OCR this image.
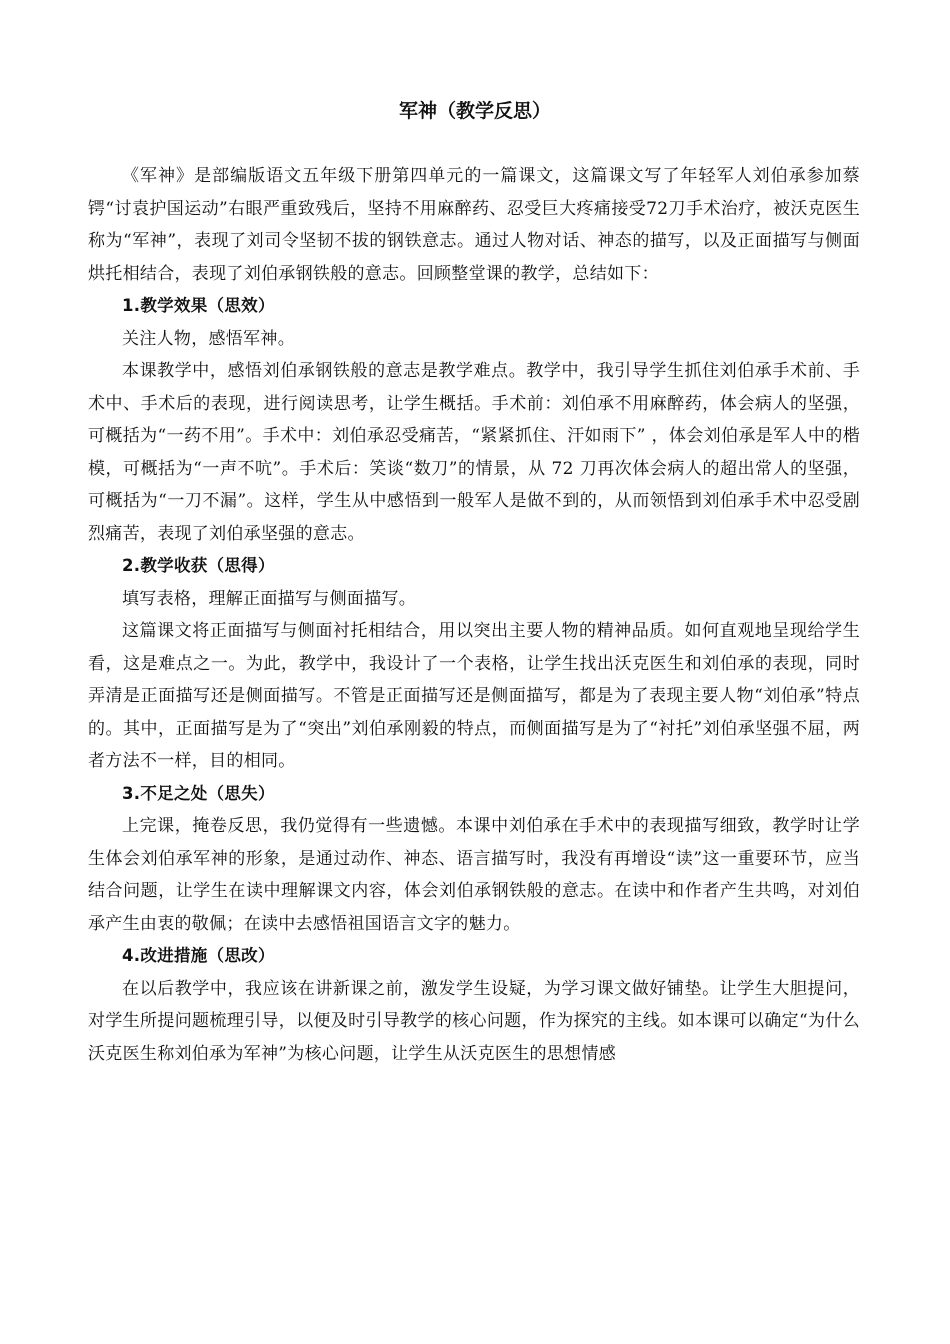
军神（教学反思）

《军神》是部编版语文五年级下册第四单元的一篇课文，这篇课文写了年轻军人刘伯承参加蔡锷“讨袁护国运动”右眼严重致残后，坚持不用麻醉药、忍受巨大疼痛接受72刀手术治疗，被沃克医生称为“军神”，表现了刘司令坚韧不拔的钢铁意志。通过人物对话、神态的描写，以及正面描写与侧面烘托相结合，表现了刘伯承钢铁般的意志。回顾整堂课的教学，总结如下：

1.教学效果（思效）

关注人物，感悟军神。

本课教学中，感悟刘伯承钢铁般的意志是教学难点。教学中，我引导学生抓住刘伯承手术前、手术中、手术后的表现，进行阅读思考，让学生概括。手术前：刘伯承不用麻醉药，体会病人的坚强，可概括为“一药不用”。手术中：刘伯承忍受痛苦，“紧紧抓住、汗如雨下” ，体会刘伯承是军人中的楷模，可概括为“一声不吭”。手术后：笑谈“数刀”的情景，从 72 刀再次体会病人的超出常人的坚强，可概括为“一刀不漏”。这样，学生从中感悟到一般军人是做不到的，从而领悟到刘伯承手术中忍受剧烈痛苦，表现了刘伯承坚强的意志。

2.教学收获（思得）

填写表格，理解正面描写与侧面描写。

这篇课文将正面描写与侧面衬托相结合，用以突出主要人物的精神品质。如何直观地呈现给学生看，这是难点之一。为此，教学中，我设计了一个表格，让学生找出沃克医生和刘伯承的表现，同时弄清是正面描写还是侧面描写。不管是正面描写还是侧面描写，都是为了表现主要人物“刘伯承”特点的。其中，正面描写是为了“突出”刘伯承刚毅的特点，而侧面描写是为了“衬托”刘伯承坚强不屈，两者方法不一样，目的相同。

3.不足之处（思失）

上完课，掩卷反思，我仍觉得有一些遗憾。本课中刘伯承在手术中的表现描写细致，教学时让学生体会刘伯承军神的形象，是通过动作、神态、语言描写时，我没有再增设“读”这一重要环节，应当结合问题，让学生在读中理解课文内容，体会刘伯承钢铁般的意志。在读中和作者产生共鸣，对刘伯承产生由衷的敬佩；在读中去感悟祖国语言文字的魅力。

4.改进措施（思改）

在以后教学中，我应该在讲新课之前，激发学生设疑，为学习课文做好铺垫。让学生大胆提问，对学生所提问题梳理引导，以便及时引导教学的核心问题，作为探究的主线。如本课可以确定“为什么沃克医生称刘伯承为军神”为核心问题，让学生从沃克医生的思想情感
